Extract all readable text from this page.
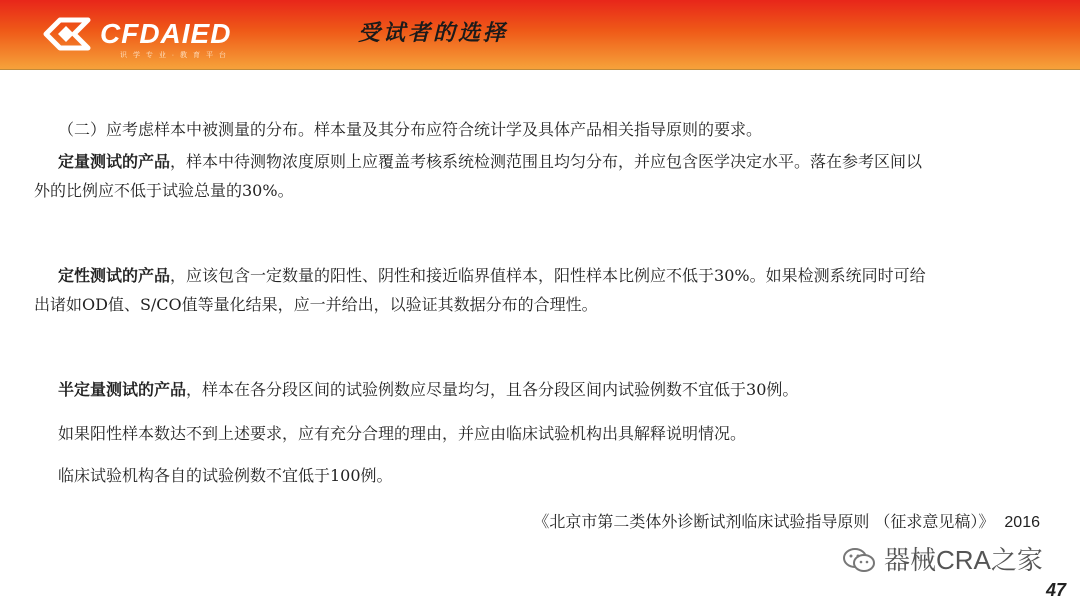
CFDAIED
识 学 专 业 · 教 育 平 台
受试者的选择

（二）应考虑样本中被测量的分布。样本量及其分布应符合统计学及具体产品相关指导原则的要求。

定量测试的产品，样本中待测物浓度原则上应覆盖考核系统检测范围且均匀分布，并应包含医学决定水平。落在参考区间以

外的比例应不低于试验总量的30%。

定性测试的产品，应该包含一定数量的阳性、阴性和接近临界值样本，阳性样本比例应不低于30%。如果检测系统同时可给

出诸如OD值、S/CO值等量化结果，应一并给出，以验证其数据分布的合理性。

半定量测试的产品，样本在各分段区间的试验例数应尽量均匀，且各分段区间内试验例数不宜低于30例。

如果阳性样本数达不到上述要求，应有充分合理的理由，并应由临床试验机构出具解释说明情况。

临床试验机构各自的试验例数不宜低于100例。

《北京市第二类体外诊断试剂临床试验指导原则 （征求意见稿）》 2016
器械CRA之家
47
